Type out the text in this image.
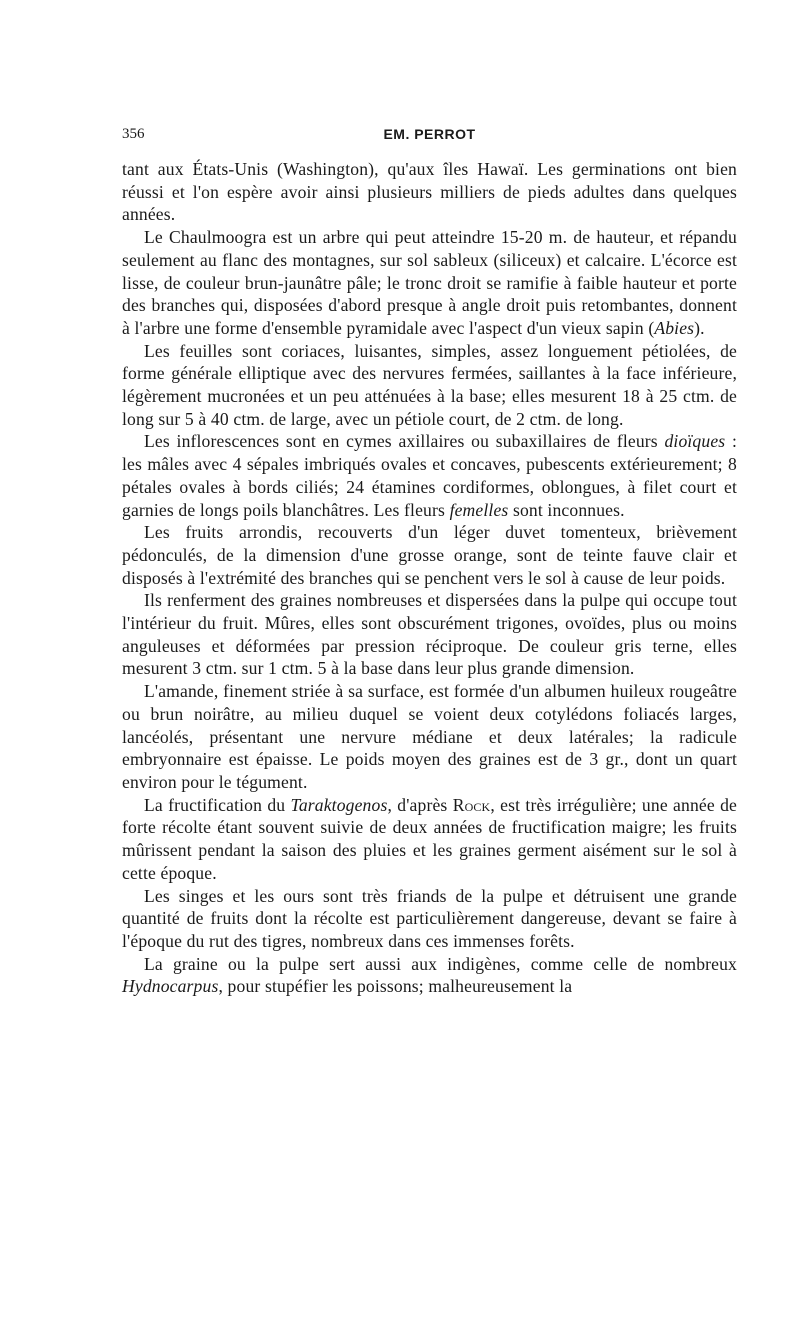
356	EM. PERROT

tant aux États-Unis (Washington), qu'aux îles Hawaï. Les germinations ont bien réussi et l'on espère avoir ainsi plusieurs milliers de pieds adultes dans quelques années.

Le Chaulmoogra est un arbre qui peut atteindre 15-20 m. de hauteur, et répandu seulement au flanc des montagnes, sur sol sableux (siliceux) et calcaire. L'écorce est lisse, de couleur brun-jaunâtre pâle; le tronc droit se ramifie à faible hauteur et porte des branches qui, disposées d'abord presque à angle droit puis retombantes, donnent à l'arbre une forme d'ensemble pyramidale avec l'aspect d'un vieux sapin (Abies).

Les feuilles sont coriaces, luisantes, simples, assez longuement pétiolées, de forme générale elliptique avec des nervures fermées, saillantes à la face inférieure, légèrement mucronées et un peu atténuées à la base; elles mesurent 18 à 25 ctm. de long sur 5 à 40 ctm. de large, avec un pétiole court, de 2 ctm. de long.

Les inflorescences sont en cymes axillaires ou subaxillaires de fleurs dioïques : les mâles avec 4 sépales imbriqués ovales et concaves, pubescents extérieurement; 8 pétales ovales à bords ciliés; 24 étamines cordiformes, oblongues, à filet court et garnies de longs poils blanchâtres. Les fleurs femelles sont inconnues.

Les fruits arrondis, recouverts d'un léger duvet tomenteux, brièvement pédonculés, de la dimension d'une grosse orange, sont de teinte fauve clair et disposés à l'extrémité des branches qui se penchent vers le sol à cause de leur poids.

Ils renferment des graines nombreuses et dispersées dans la pulpe qui occupe tout l'intérieur du fruit. Mûres, elles sont obscurément trigones, ovoïdes, plus ou moins anguleuses et déformées par pression réciproque. De couleur gris terne, elles mesurent 3 ctm. sur 1 ctm. 5 à la base dans leur plus grande dimension.

L'amande, finement striée à sa surface, est formée d'un albumen huileux rougeâtre ou brun noirâtre, au milieu duquel se voient deux cotylédons foliacés larges, lancéolés, présentant une nervure médiane et deux latérales; la radicule embryonnaire est épaisse. Le poids moyen des graines est de 3 gr., dont un quart environ pour le tégument.

La fructification du Taraktogenos, d'après Rock, est très irrégulière; une année de forte récolte étant souvent suivie de deux années de fructification maigre; les fruits mûrissent pendant la saison des pluies et les graines germent aisément sur le sol à cette époque.

Les singes et les ours sont très friands de la pulpe et détruisent une grande quantité de fruits dont la récolte est particulièrement dangereuse, devant se faire à l'époque du rut des tigres, nombreux dans ces immenses forêts.

La graine ou la pulpe sert aussi aux indigènes, comme celle de nombreux Hydnocarpus, pour stupéfier les poissons; malheureusement la
